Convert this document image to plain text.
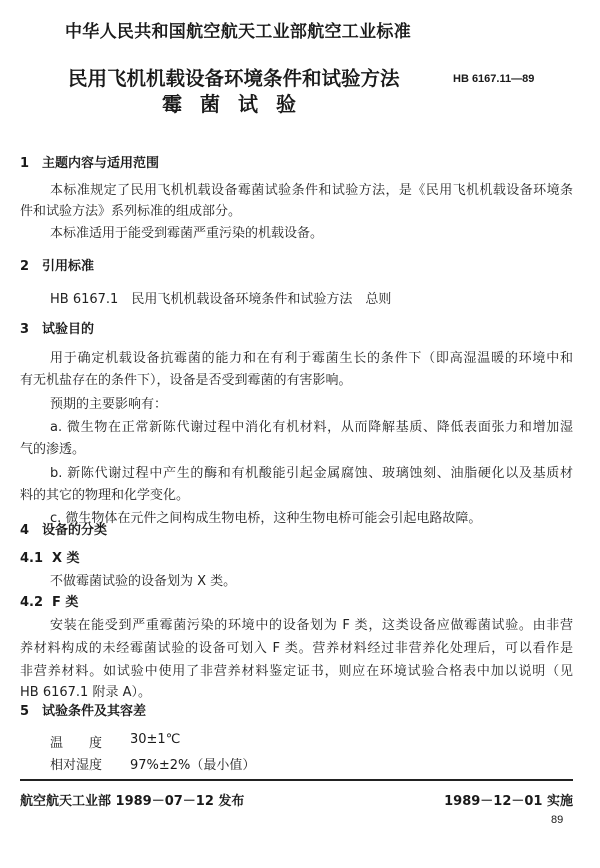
中华人民共和国航空航天工业部航空工业标准
民用飞机机载设备环境条件和试验方法	HB 6167.11—89
霉菌试验
1 主题内容与适用范围
本标准规定了民用飞机机载设备霉菌试验条件和试验方法，是《民用飞机机载设备环境条
件和试验方法》系列标准的组成部分。
本标准适用于能受到霉菌严重污染的机载设备。
2 引用标准
HB 6167.1　民用飞机机载设备环境条件和试验方法　总则
3 试验目的
用于确定机载设备抗霉菌的能力和在有利于霉菌生长的条件下（即高湿温暖的环境中和
有无机盐存在的条件下），设备是否受到霉菌的有害影响。
预期的主要影响有：
a. 微生物在正常新陈代谢过程中消化有机材料，从而降解基质、降低表面张力和增加湿
气的渗透。
b. 新陈代谢过程中产生的酶和有机酸能引起金属腐蚀、玻璃蚀刻、油脂硬化以及基质材
料的其它的物理和化学变化。
c. 微生物体在元件之间构成生物电桥，这种生物电桥可能会引起电路故障。
4 设备的分类
4.1 X 类
不做霉菌试验的设备划为 X 类。
4.2 F 类
安装在能受到严重霉菌污染的环境中的设备划为 F 类，这类设备应做霉菌试验。由非营
养材料构成的未经霉菌试验的设备可划入 F 类。营养材料经过非营养化处理后，可以看作是
非营养材料。如试验中使用了非营养材料鉴定证书，则应在环境试验合格表中加以说明（见
HB 6167.1 附录 A）。
5 试验条件及其容差
温　　度 30±1℃
相对湿度 97%±2%（最小值）
航空航天工业部 1989－07－12 发布	1989－12－01 实施
89
